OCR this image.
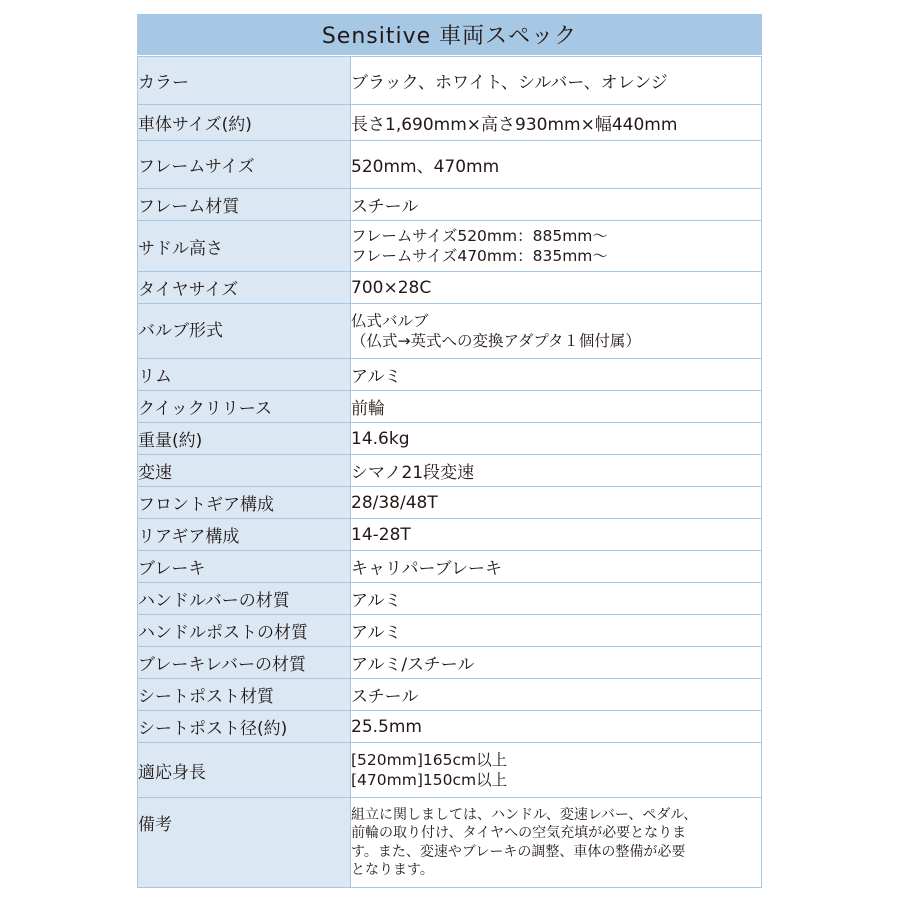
Sensitive 車両スペック
カラー	ブラック、ホワイト、シルバー、オレンジ

車体サイズ(約)	長さ1,690mm×高さ930mm×幅440mm

フレームサイズ	520mm、470mm

フレーム材質	スチール

サドル高さ	フレームサイズ520mm：885mm〜
フレームサイズ470mm：835mm〜

タイヤサイズ	700×28C

バルブ形式	仏式バルブ
（仏式→英式への変換アダプタ１個付属）

リム	アルミ

クイックリリース	前輪

重量(約)	14.6kg

変速	シマノ21段変速

フロントギア構成	28/38/48T

リアギア構成	14-28T

ブレーキ	キャリパーブレーキ

ハンドルバーの材質	アルミ

ハンドルポストの材質	アルミ

ブレーキレバーの材質	アルミ/スチール

シートポスト材質	スチール

シートポスト径(約)	25.5mm

適応身長	[520mm]165cm以上
[470mm]150cm以上

備考	組立に関しましては、ハンドル、変速レバー、ペダル、
前輪の取り付け、タイヤへの空気充填が必要となりま
す。また、変速やブレーキの調整、車体の整備が必要
となります。
